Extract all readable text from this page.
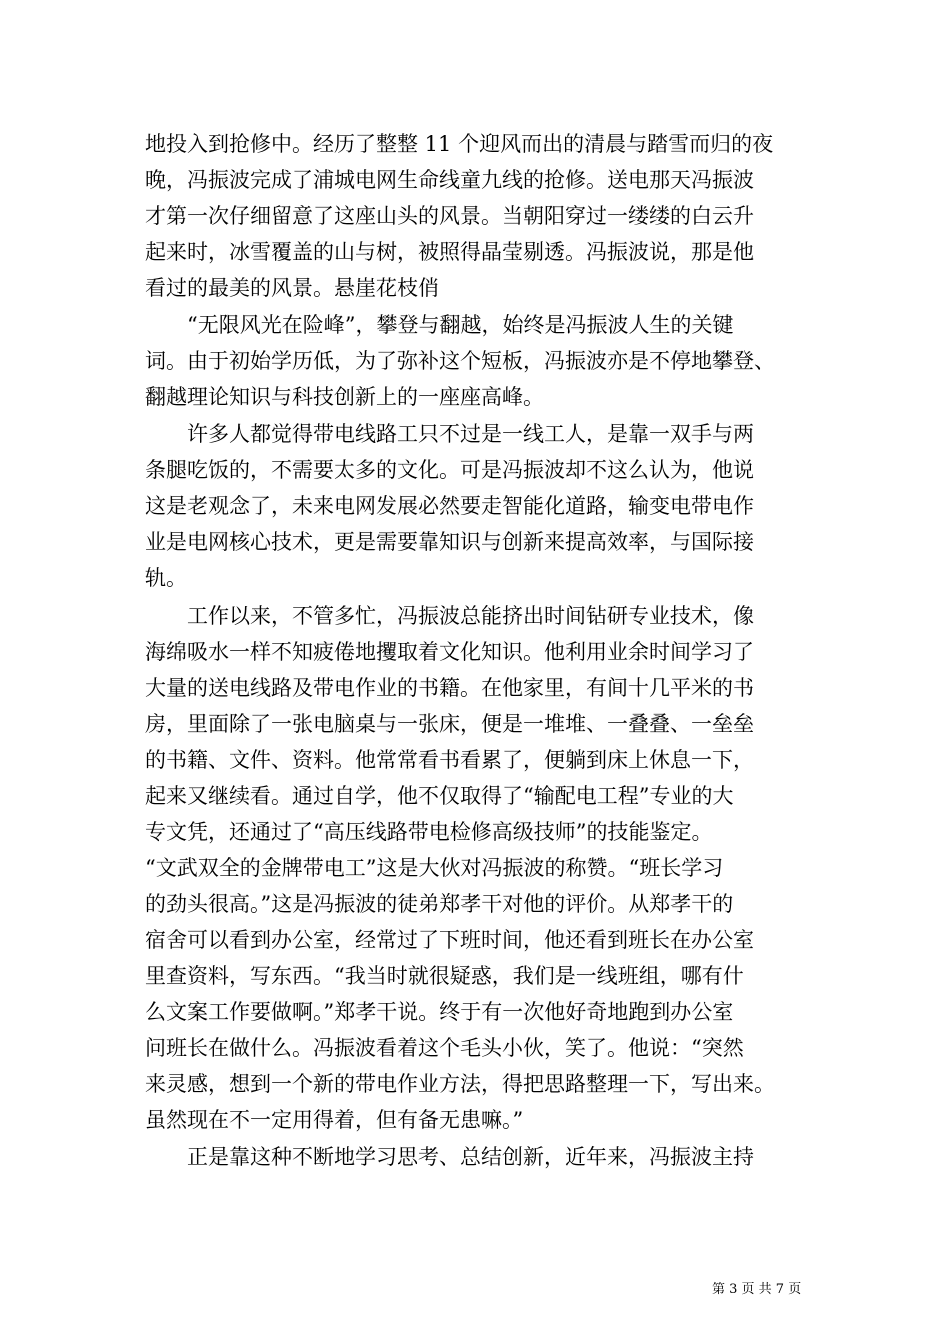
地投入到抢修中。经历了整整 11 个迎风而出的清晨与踏雪而归的夜
晚，冯振波完成了浦城电网生命线童九线的抢修。送电那天冯振波
才第一次仔细留意了这座山头的风景。当朝阳穿过一缕缕的白云升
起来时，冰雪覆盖的山与树，被照得晶莹剔透。冯振波说，那是他
看过的最美的风景。悬崖花枝俏
“无限风光在险峰”，攀登与翻越，始终是冯振波人生的关键
词。由于初始学历低，为了弥补这个短板，冯振波亦是不停地攀登、
翻越理论知识与科技创新上的一座座高峰。
许多人都觉得带电线路工只不过是一线工人，是靠一双手与两
条腿吃饭的，不需要太多的文化。可是冯振波却不这么认为，他说
这是老观念了，未来电网发展必然要走智能化道路，输变电带电作
业是电网核心技术，更是需要靠知识与创新来提高效率，与国际接
轨。
工作以来，不管多忙，冯振波总能挤出时间钻研专业技术，像
海绵吸水一样不知疲倦地攫取着文化知识。他利用业余时间学习了
大量的送电线路及带电作业的书籍。在他家里，有间十几平米的书
房，里面除了一张电脑桌与一张床，便是一堆堆、一叠叠、一垒垒
的书籍、文件、资料。他常常看书看累了，便躺到床上休息一下，
起来又继续看。通过自学，他不仅取得了“输配电工程”专业的大
专文凭，还通过了“高压线路带电检修高级技师”的技能鉴定。
“文武双全的金牌带电工”这是大伙对冯振波的称赞。“班长学习
的劲头很高。”这是冯振波的徒弟郑孝干对他的评价。从郑孝干的
宿舍可以看到办公室，经常过了下班时间，他还看到班长在办公室
里查资料，写东西。“我当时就很疑惑，我们是一线班组，哪有什
么文案工作要做啊。”郑孝干说。终于有一次他好奇地跑到办公室
问班长在做什么。冯振波看着这个毛头小伙，笑了。他说：“突然
来灵感，想到一个新的带电作业方法，得把思路整理一下，写出来。
虽然现在不一定用得着，但有备无患嘛。”
正是靠这种不断地学习思考、总结创新，近年来，冯振波主持
第 3 页 共 7 页
